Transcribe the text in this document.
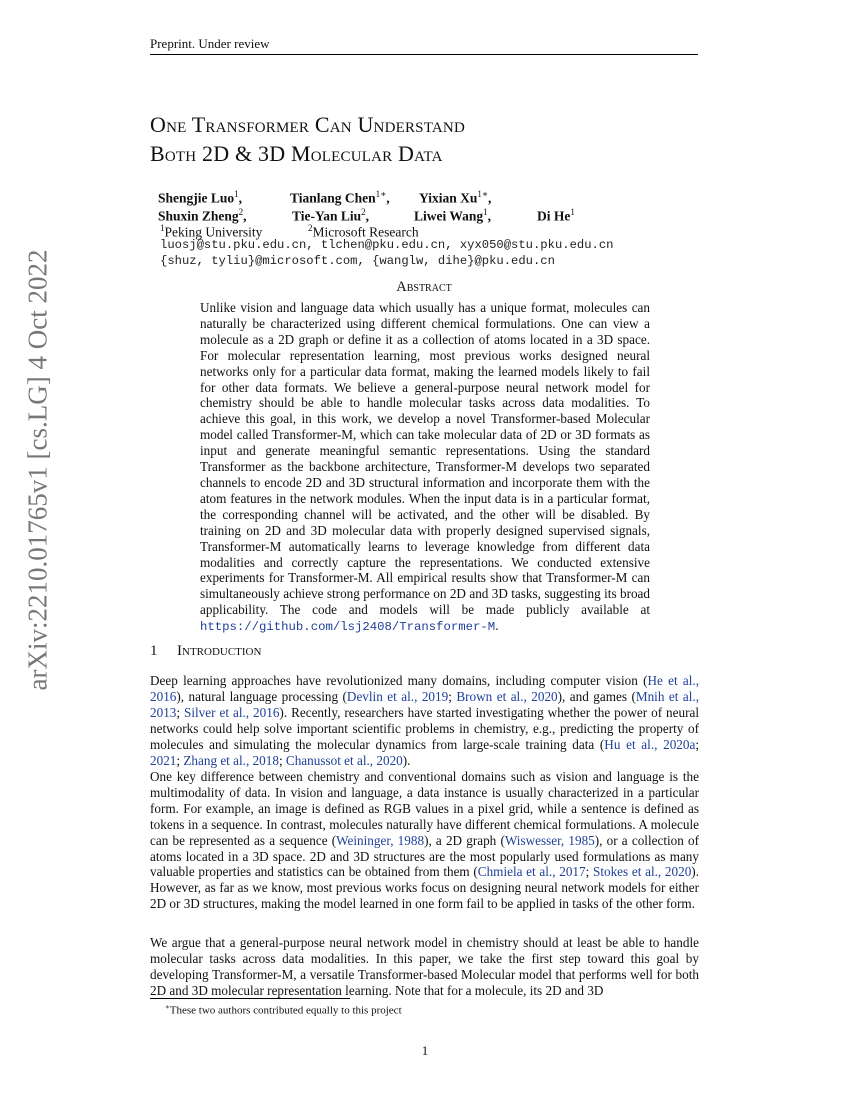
Preprint. Under review
arXiv:2210.01765v1 [cs.LG] 4 Oct 2022
One Transformer Can Understand
Both 2D & 3D Molecular Data
Shengjie Luo$^1$,	Tianlang Chen$^{1∗}$, Yixian $Xu^{1∗}$,
Shuxin Zheng$^2$,	Tie-Yan Liu$^2$,	Liwei Wang$^1$,	Di He$^1$
$^1$Peking University	$^2$Microsoft Research
luosj@stu.pku.edu.cn, tlchen@pku.edu.cn, xyx050@stu.pku.edu.cn
{shuz, tyliu}@microsoft.com, {wanglw, dihe}@pku.edu.cn
Abstract
Unlike vision and language data which usually has a unique format, molecules can naturally be characterized using different chemical formulations. One can view a molecule as a 2D graph or define it as a collection of atoms located in a 3D space. For molecular representation learning, most previous works designed neural networks only for a particular data format, making the learned models likely to fail for other data formats. We believe a general-purpose neural network model for chemistry should be able to handle molecular tasks across data modalities. To achieve this goal, in this work, we develop a novel Transformer-based Molecular model called Transformer-M, which can take molecular data of 2D or 3D formats as input and generate meaningful semantic representations. Using the standard Transformer as the backbone architecture, Transformer-M develops two separated channels to encode 2D and 3D structural information and incorporate them with the atom features in the network modules. When the input data is in a particular format, the corresponding channel will be activated, and the other will be disabled. By training on 2D and 3D molecular data with properly designed supervised signals, Transformer-M automatically learns to leverage knowledge from different data modalities and correctly capture the representations. We conducted extensive experiments for Transformer-M. All empirical results show that Transformer-M can simultaneously achieve strong performance on 2D and 3D tasks, suggesting its broad applicability. The code and models will be made publicly available at https://github.com/lsj2408/Transformer-M.
1 Introduction
Deep learning approaches have revolutionized many domains, including computer vision (He et al., 2016), natural language processing (Devlin et al., 2019; Brown et al., 2020), and games (Mnih et al., 2013; Silver et al., 2016). Recently, researchers have started investigating whether the power of neural networks could help solve important scientific problems in chemistry, e.g., predicting the property of molecules and simulating the molecular dynamics from large-scale training data (Hu et al., 2020a; 2021; Zhang et al., 2018; Chanussot et al., 2020).
One key difference between chemistry and conventional domains such as vision and language is the multimodality of data. In vision and language, a data instance is usually characterized in a particular form. For example, an image is defined as RGB values in a pixel grid, while a sentence is defined as tokens in a sequence. In contrast, molecules naturally have different chemical formulations. A molecule can be represented as a sequence (Weininger, 1988), a 2D graph (Wiswesser, 1985), or a collection of atoms located in a 3D space. 2D and 3D structures are the most popularly used formulations as many valuable properties and statistics can be obtained from them (Chmiela et al., 2017; Stokes et al., 2020). However, as far as we know, most previous works focus on designing neural network models for either 2D or 3D structures, making the model learned in one form fail to be applied in tasks of the other form.
We argue that a general-purpose neural network model in chemistry should at least be able to handle molecular tasks across data modalities. In this paper, we take the first step toward this goal by developing Transformer-M, a versatile Transformer-based Molecular model that performs well for both 2D and 3D molecular representation learning. Note that for a molecule, its 2D and 3D
∗These two authors contributed equally to this project
1
